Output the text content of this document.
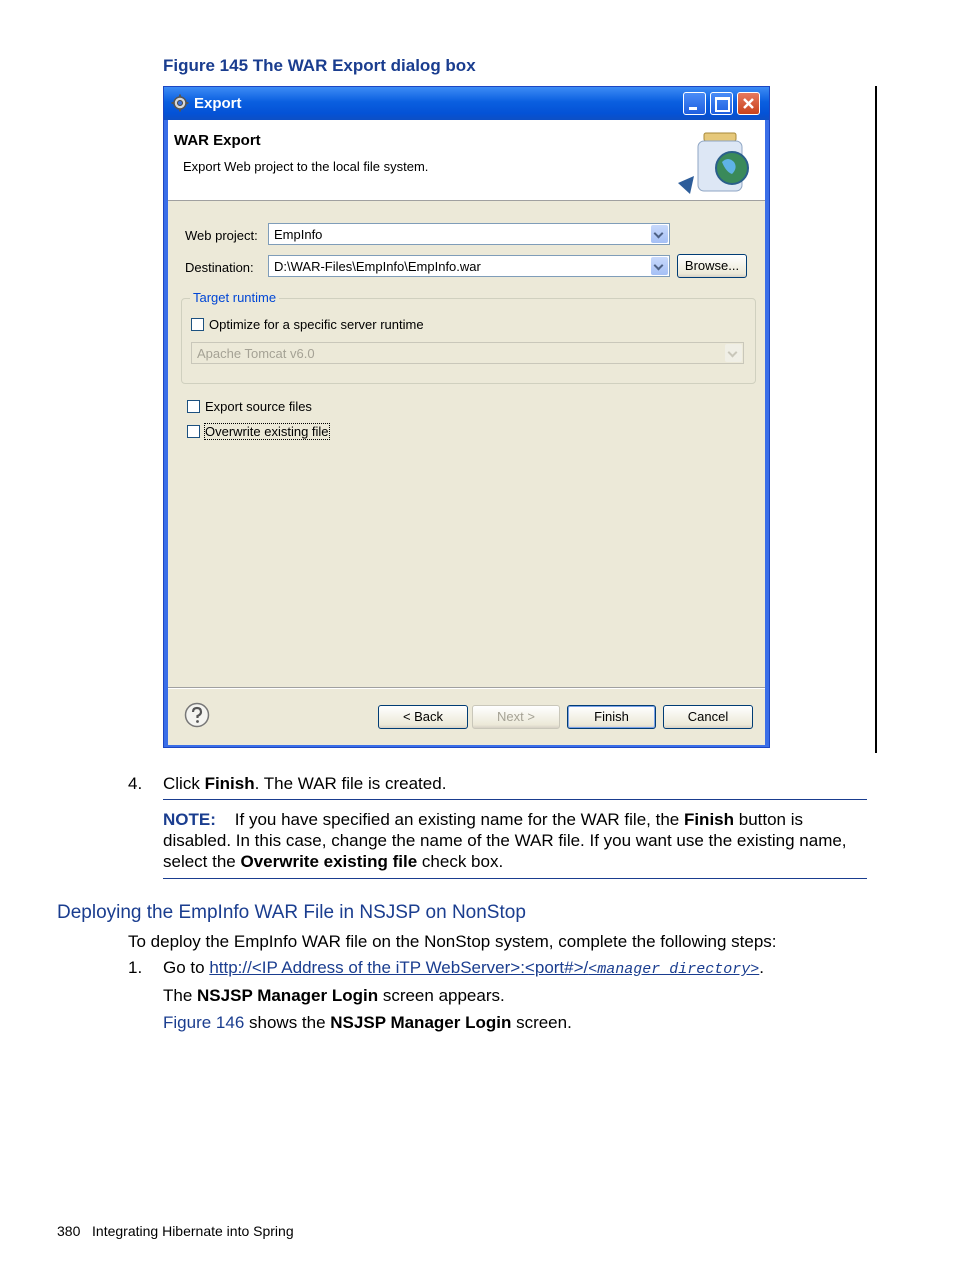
Figure 145 The WAR Export dialog box
Export
WAR Export
Export Web project to the local file system.
Web project:	EmpInfo
Destination:	D:\WAR-Files\EmpInfo\EmpInfo.war	Browse...
Target runtime
Optimize for a specific server runtime
Apache Tomcat v6.0
Export source files
Overwrite existing file
< Back	Next >	Finish	Cancel
4. Click Finish. The WAR file is created.
NOTE: If you have specified an existing name for the WAR file, the Finish button is disabled. In this case, change the name of the WAR file. If you want use the existing name, select the Overwrite existing file check box.
Deploying the EmpInfo WAR File in NSJSP on NonStop
To deploy the EmpInfo WAR file on the NonStop system, complete the following steps:
1. Go to http://<IP Address of the iTP WebServer>:<port#>/<manager directory>.
The NSJSP Manager Login screen appears.
Figure 146 shows the NSJSP Manager Login screen.
380 Integrating Hibernate into Spring
